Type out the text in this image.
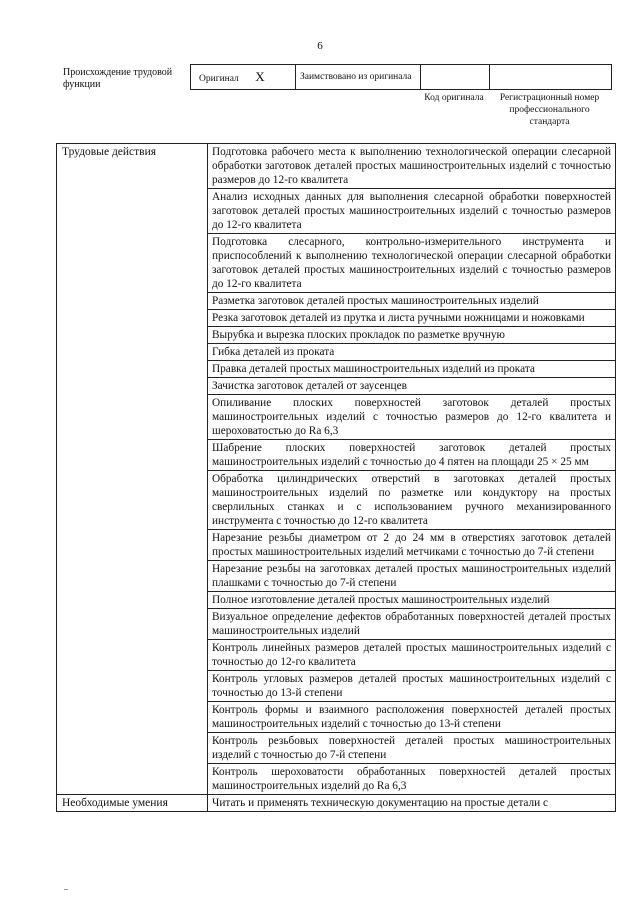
6
Происхождение трудовой функции	Оригинал X	Заимствовано из оригинала		
Код оригинала	Регистрационный номер профессионального стандарта
Трудовые действия	Подготовка рабочего места к выполнению технологической операции слесарной обработки заготовок деталей простых машиностроительных изделий с точностью размеров до 12-го квалитета
	Анализ исходных данных для выполнения слесарной обработки поверхностей заготовок деталей простых машиностроительных изделий с точностью размеров до 12-го квалитета
	Подготовка слесарного, контрольно-измерительного инструмента и приспособлений к выполнению технологической операции слесарной обработки заготовок деталей простых машиностроительных изделий с точностью размеров до 12-го квалитета
	Разметка заготовок деталей простых машиностроительных изделий
	Резка заготовок деталей из прутка и листа ручными ножницами и ножовками
	Вырубка и вырезка плоских прокладок по разметке вручную
	Гибка деталей из проката
	Правка деталей простых машиностроительных изделий из проката
	Зачистка заготовок деталей от заусенцев
	Опиливание плоских поверхностей заготовок деталей простых машиностроительных изделий с точностью размеров до 12-го квалитета и шероховатостью до Ra 6,3
	Шабрение плоских поверхностей заготовок деталей простых машиностроительных изделий с точностью до 4 пятен на площади 25 × 25 мм
	Обработка цилиндрических отверстий в заготовках деталей простых машиностроительных изделий по разметке или кондуктору на простых сверлильных станках и с использованием ручного механизированного инструмента с точностью до 12-го квалитета
	Нарезание резьбы диаметром от 2 до 24 мм в отверстиях заготовок деталей простых машиностроительных изделий метчиками с точностью до 7-й степени
	Нарезание резьбы на заготовках деталей простых машиностроительных изделий плашками с точностью до 7-й степени
	Полное изготовление деталей простых машиностроительных изделий
	Визуальное определение дефектов обработанных поверхностей деталей простых машиностроительных изделий
	Контроль линейных размеров деталей простых машиностроительных изделий с точностью до 12-го квалитета
	Контроль угловых размеров деталей простых машиностроительных изделий с точностью до 13-й степени
	Контроль формы и взаимного расположения поверхностей деталей простых машиностроительных изделий с точностью до 13-й степени
	Контроль резьбовых поверхностей деталей простых машиностроительных изделий с точностью до 7-й степени
	Контроль шероховатости обработанных поверхностей деталей простых машиностроительных изделий до Ra 6,3
Необходимые умения	Читать и применять техническую документацию на простые детали с
